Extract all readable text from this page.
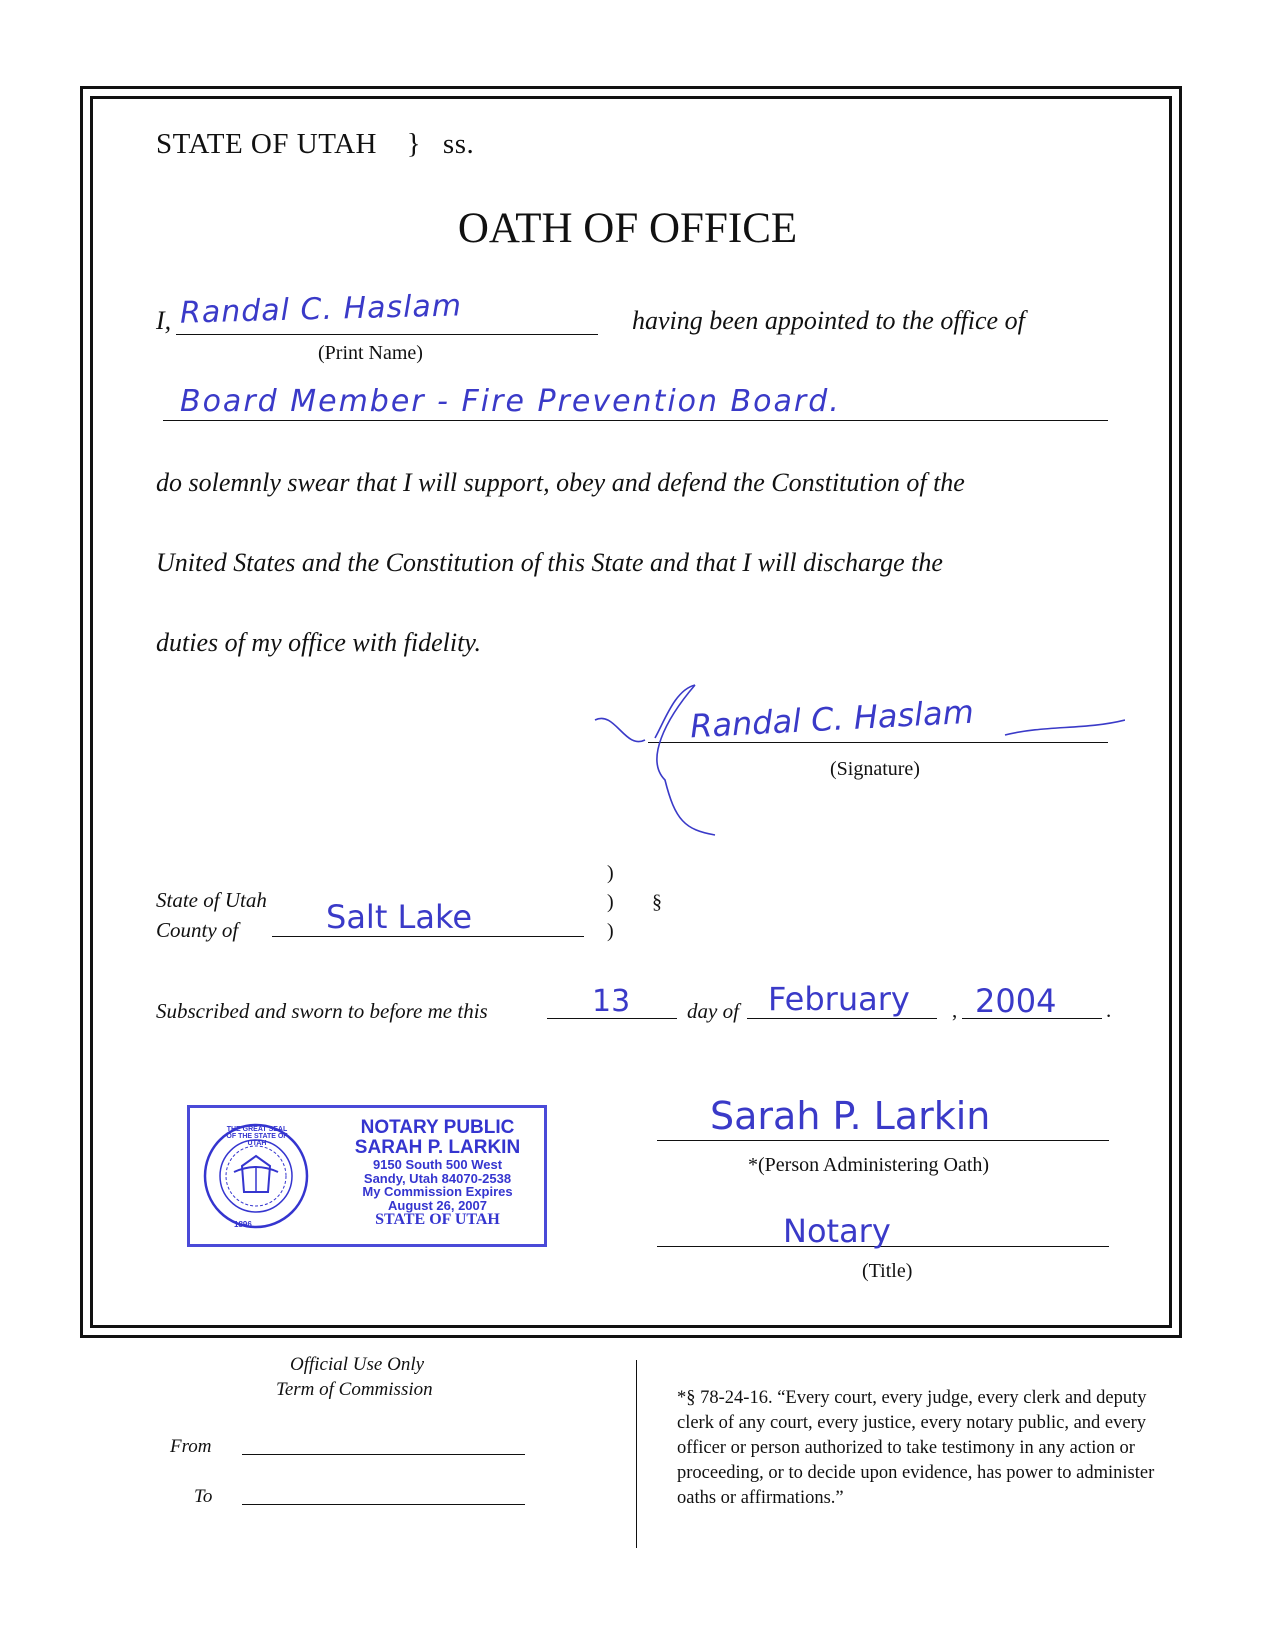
STATE OF UTAH } ss.
OATH OF OFFICE
I, Randal C. Haslam
(Print Name)
having been appointed to the office of
Board Member - Fire Prevention Board.
do solemnly swear that I will support, obey and defend the Constitution of the
United States and the Constitution of this State and that I will discharge the
duties of my office with fidelity.
Randal C. Haslam
(Signature)
State of Utah
County of	Salt Lake
)
)
)
§
Subscribed and sworn to before me this	13	day of February , 2004 .
THE GREAT SEAL OF THE STATE OF UTAH
1896
NOTARY PUBLIC
SARAH P. LARKIN
9150 South 500 West
Sandy, Utah 84070-2538
My Commission Expires
August 26, 2007
STATE OF UTAH
Sarah P. Larkin
*(Person Administering Oath)
Notary
(Title)
Official Use Only
Term of Commission
From
To
*§ 78-24-16. “Every court, every judge, every clerk and deputy clerk of any court, every justice, every notary public, and every officer or person authorized to take testimony in any action or proceeding, or to decide upon evidence, has power to administer oaths or affirmations.”
